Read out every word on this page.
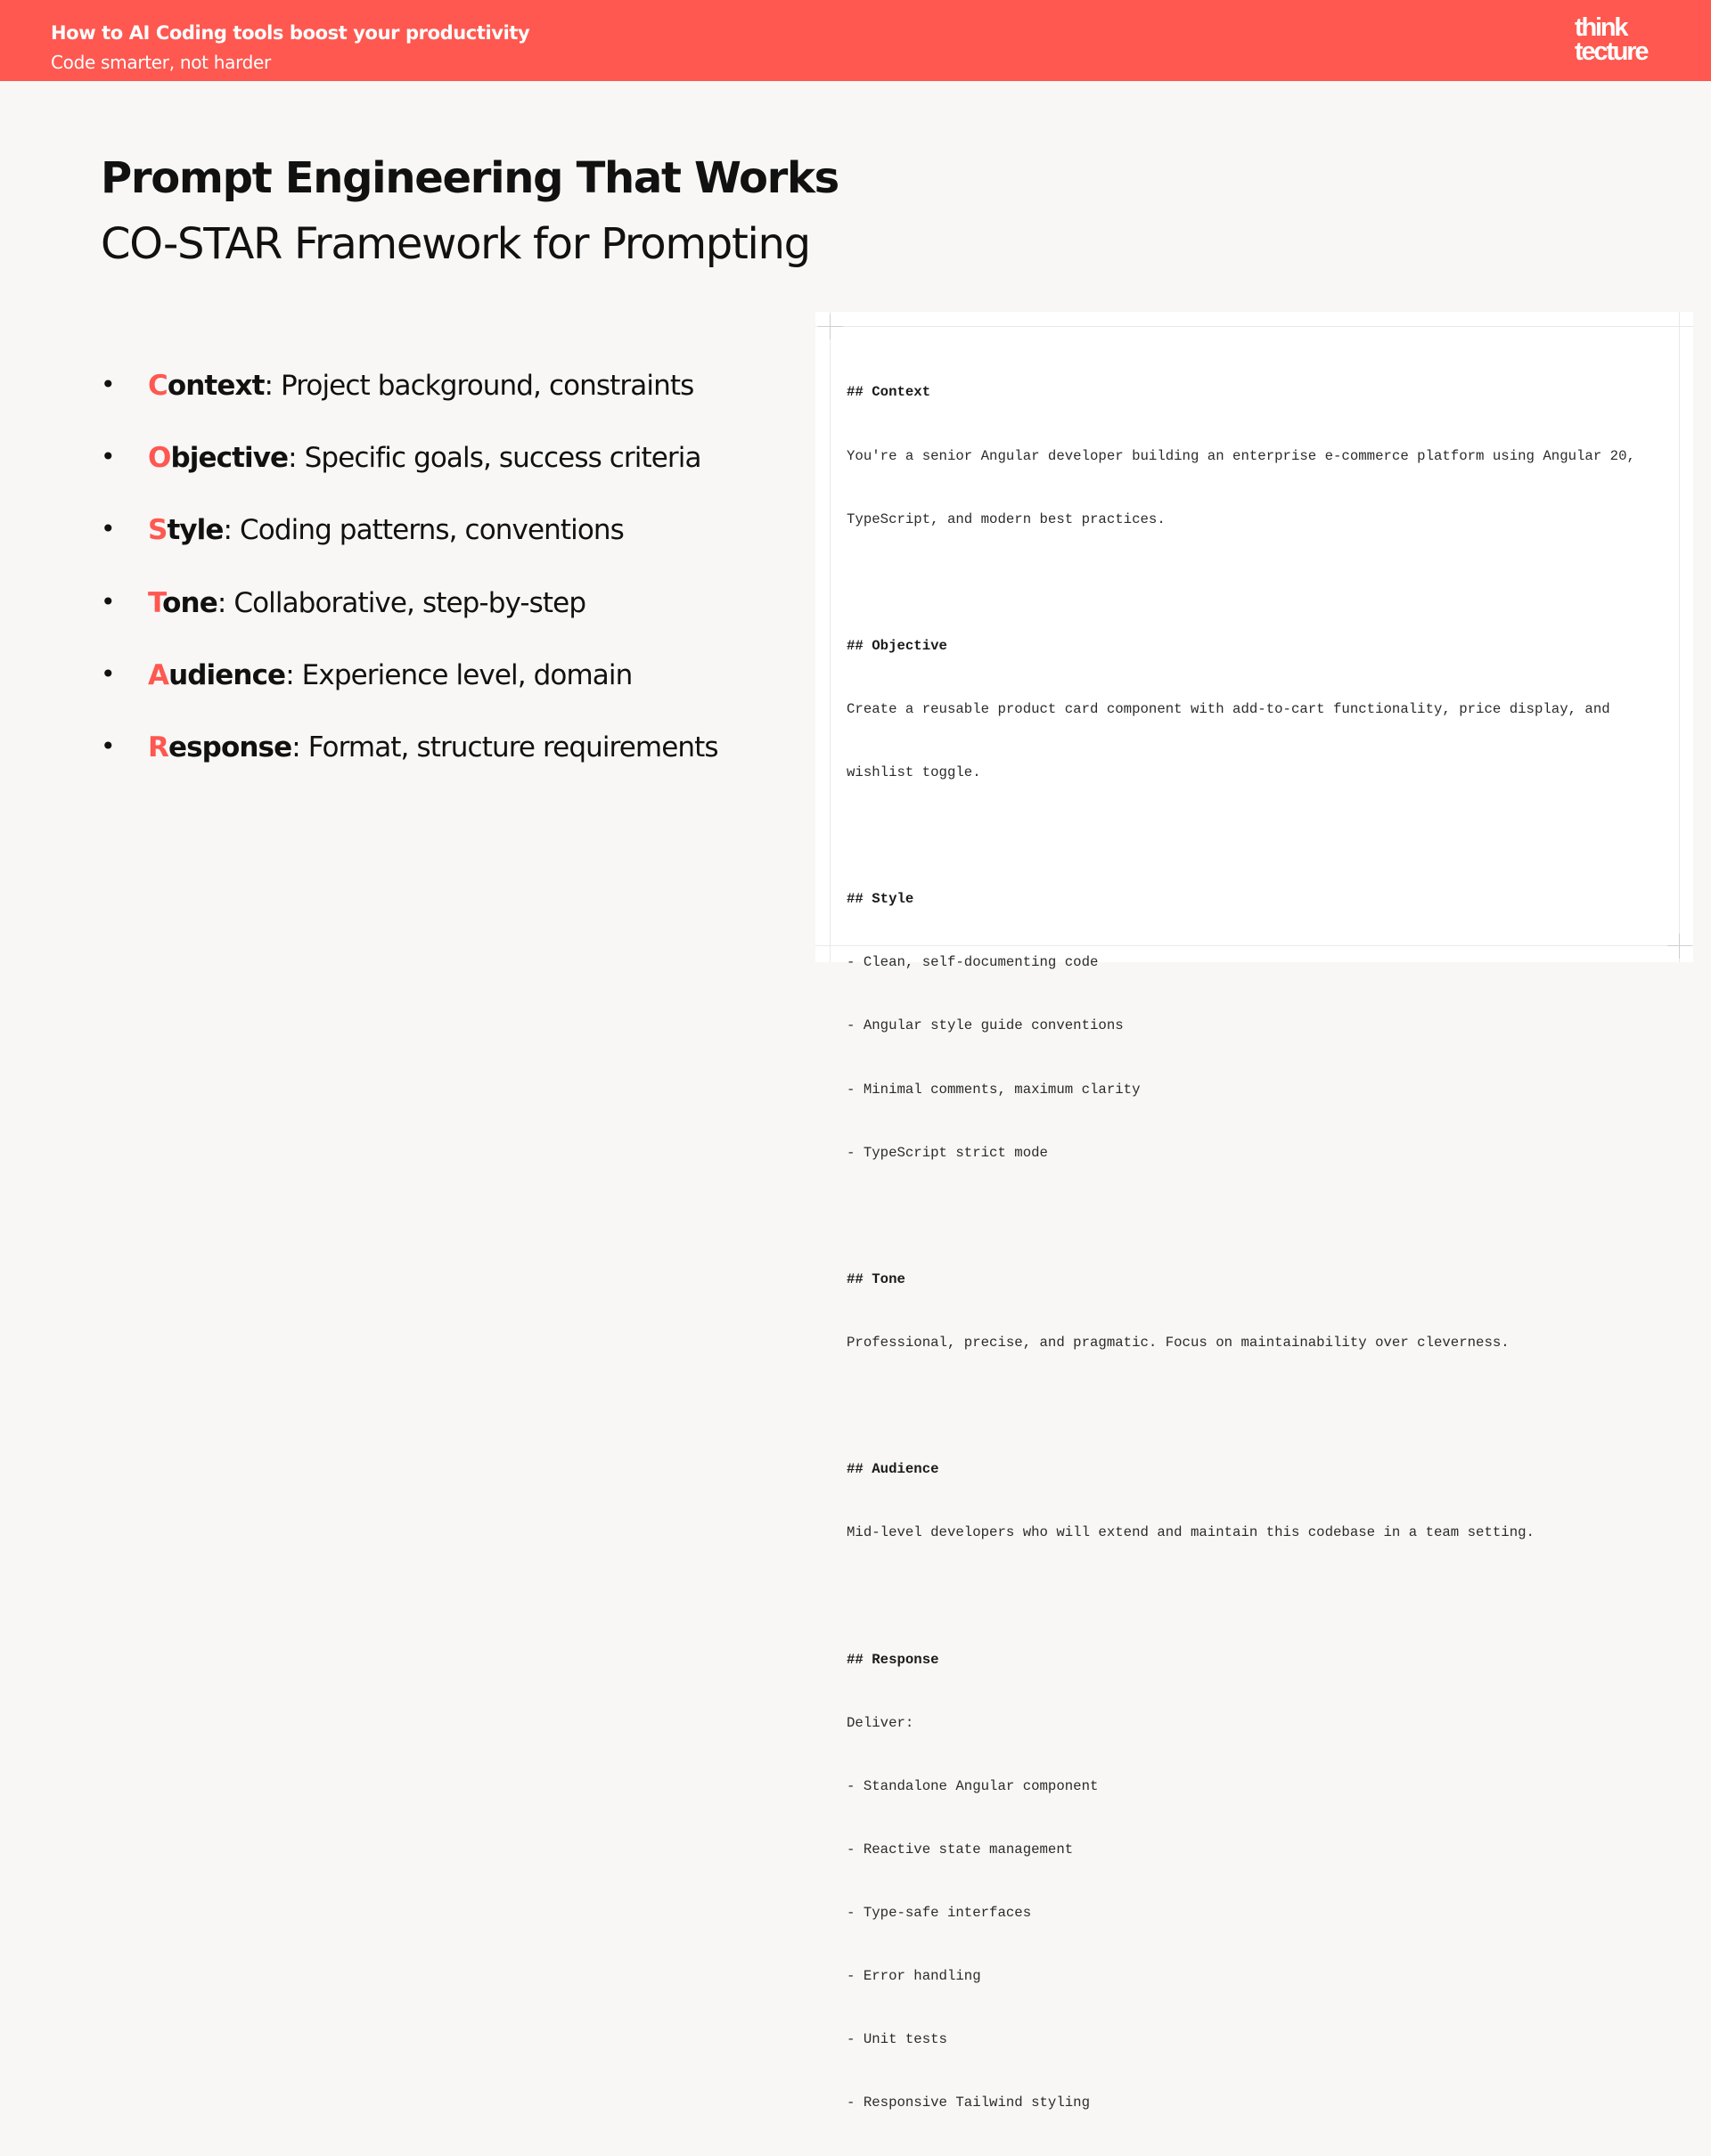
How to AI Coding tools boost your productivity
Code smarter, not harder
think
tecture
Prompt Engineering That Works
CO-STAR Framework for Prompting
• Context: Project background, constraints
• Objective: Specific goals, success criteria
• Style: Coding patterns, conventions
• Tone: Collaborative, step-by-step
• Audience: Experience level, domain
• Response: Format, structure requirements

## Context

You're a senior Angular developer building an enterprise e-commerce platform using Angular 20,

TypeScript, and modern best practices.

## Objective

Create a reusable product card component with add-to-cart functionality, price display, and

wishlist toggle.

## Style

- Clean, self-documenting code

- Angular style guide conventions

- Minimal comments, maximum clarity

- TypeScript strict mode

## Tone

Professional, precise, and pragmatic. Focus on maintainability over cleverness.

## Audience

Mid-level developers who will extend and maintain this codebase in a team setting.

## Response

Deliver:

- Standalone Angular component

- Reactive state management

- Type-safe interfaces

- Error handling

- Unit tests

- Responsive Tailwind styling
